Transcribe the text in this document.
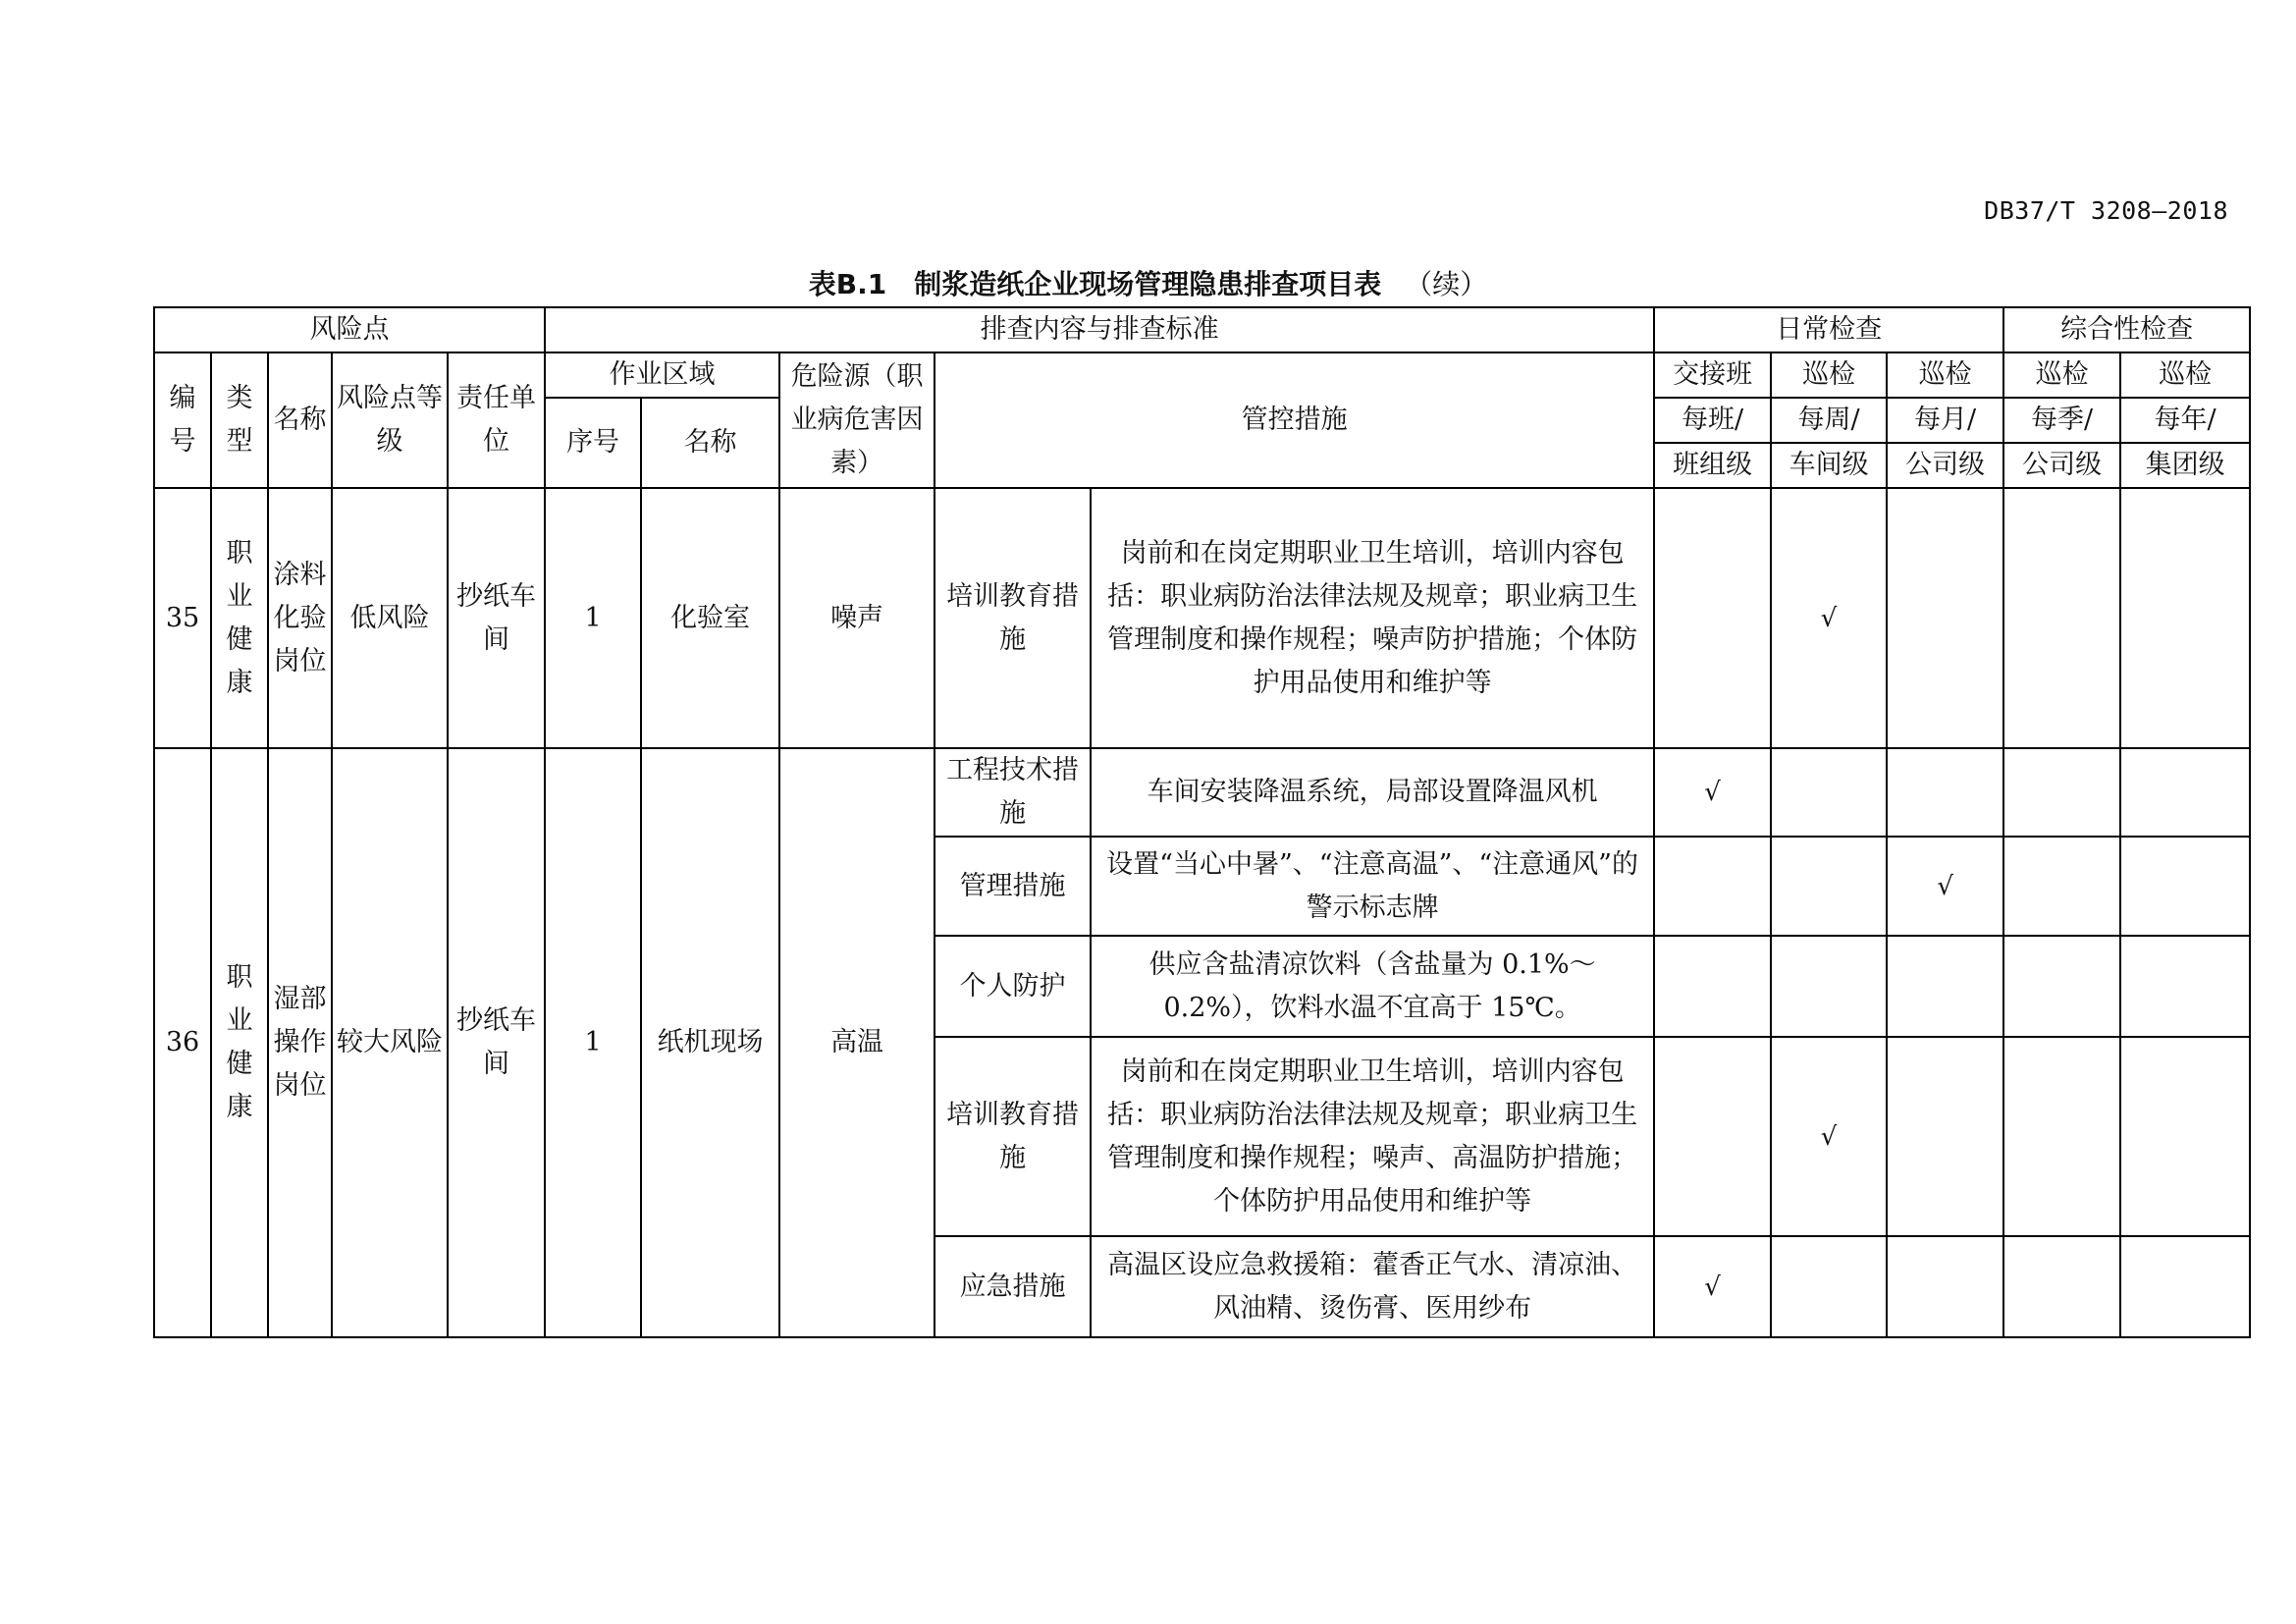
DB37/T 3208—2018
表B.1　制浆造纸企业现场管理隐患排查项目表 （续）
风险点					排查内容与排查标准					日常检查			综合性检查	
编号	类型	名称	风险点等级	责任单位	作业区域		危险源（职业病危害因素）	管控措施		交接班	巡检	巡检	巡检	巡检
					序号	名称				每班/	每周/	每月/	每季/	每年/
										班组级	车间级	公司级	公司级	集团级
35	职业健康	涂料化验岗位	低风险	抄纸车间	1	化验室	噪声	培训教育措施	岗前和在岗定期职业卫生培训，培训内容包括：职业病防治法律法规及规章；职业病卫生管理制度和操作规程；噪声防护措施；个体防护用品使用和维护等		√			
36	职业健康	湿部操作岗位	较大风险	抄纸车间	1	纸机现场	高温	工程技术措施	车间安装降温系统，局部设置降温风机	√				
								管理措施	设置“当心中暑”、“注意高温”、“注意通风”的警示标志牌			√		
								个人防护	供应含盐清凉饮料（含盐量为 0.1%～0.2%），饮料水温不宜高于 15℃。					
								培训教育措施	岗前和在岗定期职业卫生培训，培训内容包括：职业病防治法律法规及规章；职业病卫生管理制度和操作规程；噪声、高温防护措施；个体防护用品使用和维护等		√			
								应急措施	高温区设应急救援箱：藿香正气水、清凉油、风油精、烫伤膏、医用纱布	√				
